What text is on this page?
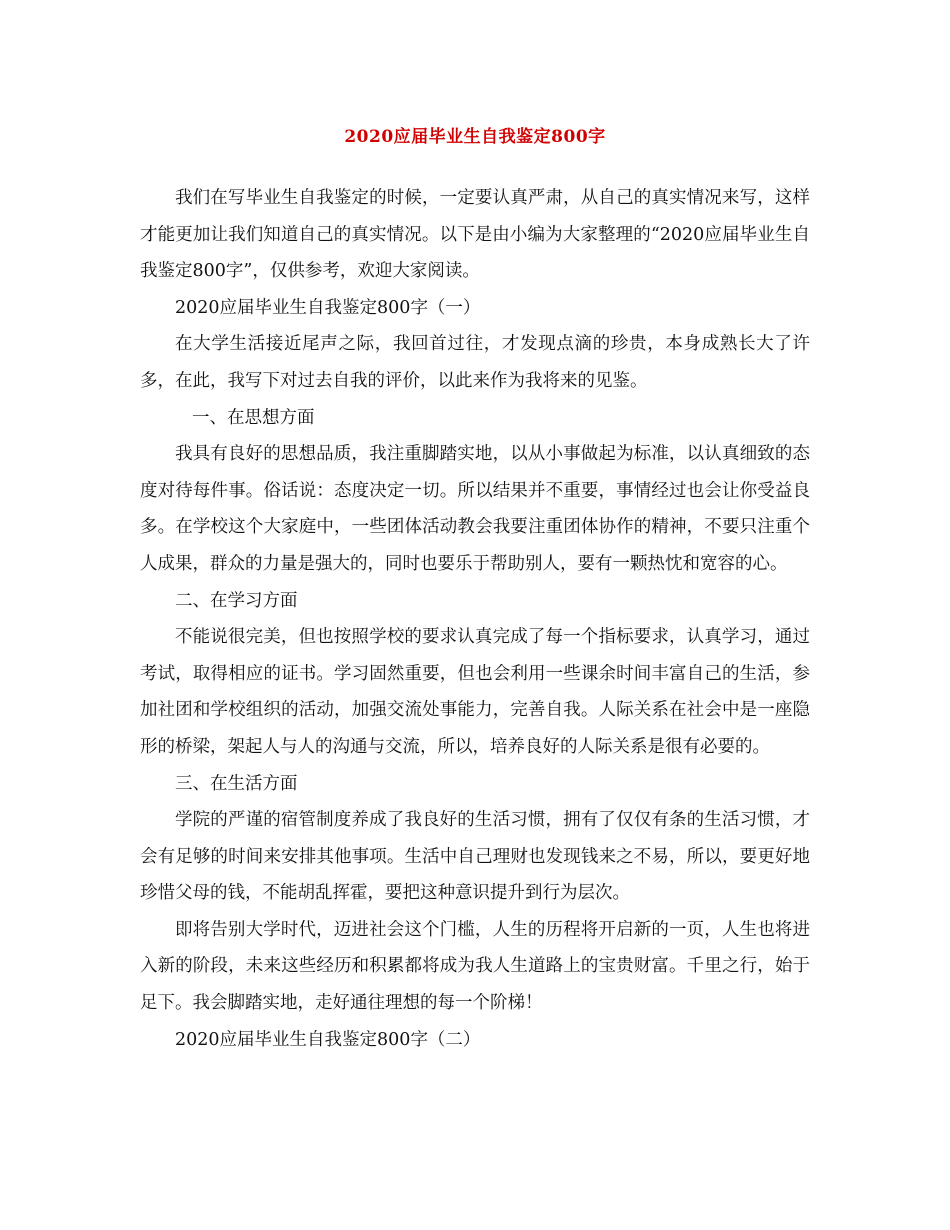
2020应届毕业生自我鉴定800字

我们在写毕业生自我鉴定的时候，一定要认真严肃，从自己的真实情况来写，这样才能更加让我们知道自己的真实情况。以下是由小编为大家整理的“2020应届毕业生自我鉴定800字”，仅供参考，欢迎大家阅读。

2020应届毕业生自我鉴定800字（一）

在大学生活接近尾声之际，我回首过往，才发现点滴的珍贵，本身成熟长大了许多，在此，我写下对过去自我的评价，以此来作为我将来的见鉴。

一、在思想方面

我具有良好的思想品质，我注重脚踏实地，以从小事做起为标准，以认真细致的态度对待每件事。俗话说：态度决定一切。所以结果并不重要，事情经过也会让你受益良多。在学校这个大家庭中，一些团体活动教会我要注重团体协作的精神，不要只注重个人成果，群众的力量是强大的，同时也要乐于帮助别人，要有一颗热忱和宽容的心。

二、在学习方面

不能说很完美，但也按照学校的要求认真完成了每一个指标要求，认真学习，通过考试，取得相应的证书。学习固然重要，但也会利用一些课余时间丰富自己的生活，参加社团和学校组织的活动，加强交流处事能力，完善自我。人际关系在社会中是一座隐形的桥梁，架起人与人的沟通与交流，所以，培养良好的人际关系是很有必要的。

三、在生活方面

学院的严谨的宿管制度养成了我良好的生活习惯，拥有了仅仅有条的生活习惯，才会有足够的时间来安排其他事项。生活中自己理财也发现钱来之不易，所以，要更好地珍惜父母的钱，不能胡乱挥霍，要把这种意识提升到行为层次。

即将告别大学时代，迈进社会这个门槛，人生的历程将开启新的一页，人生也将进入新的阶段，未来这些经历和积累都将成为我人生道路上的宝贵财富。千里之行，始于足下。我会脚踏实地，走好通往理想的每一个阶梯！

2020应届毕业生自我鉴定800字（二）
